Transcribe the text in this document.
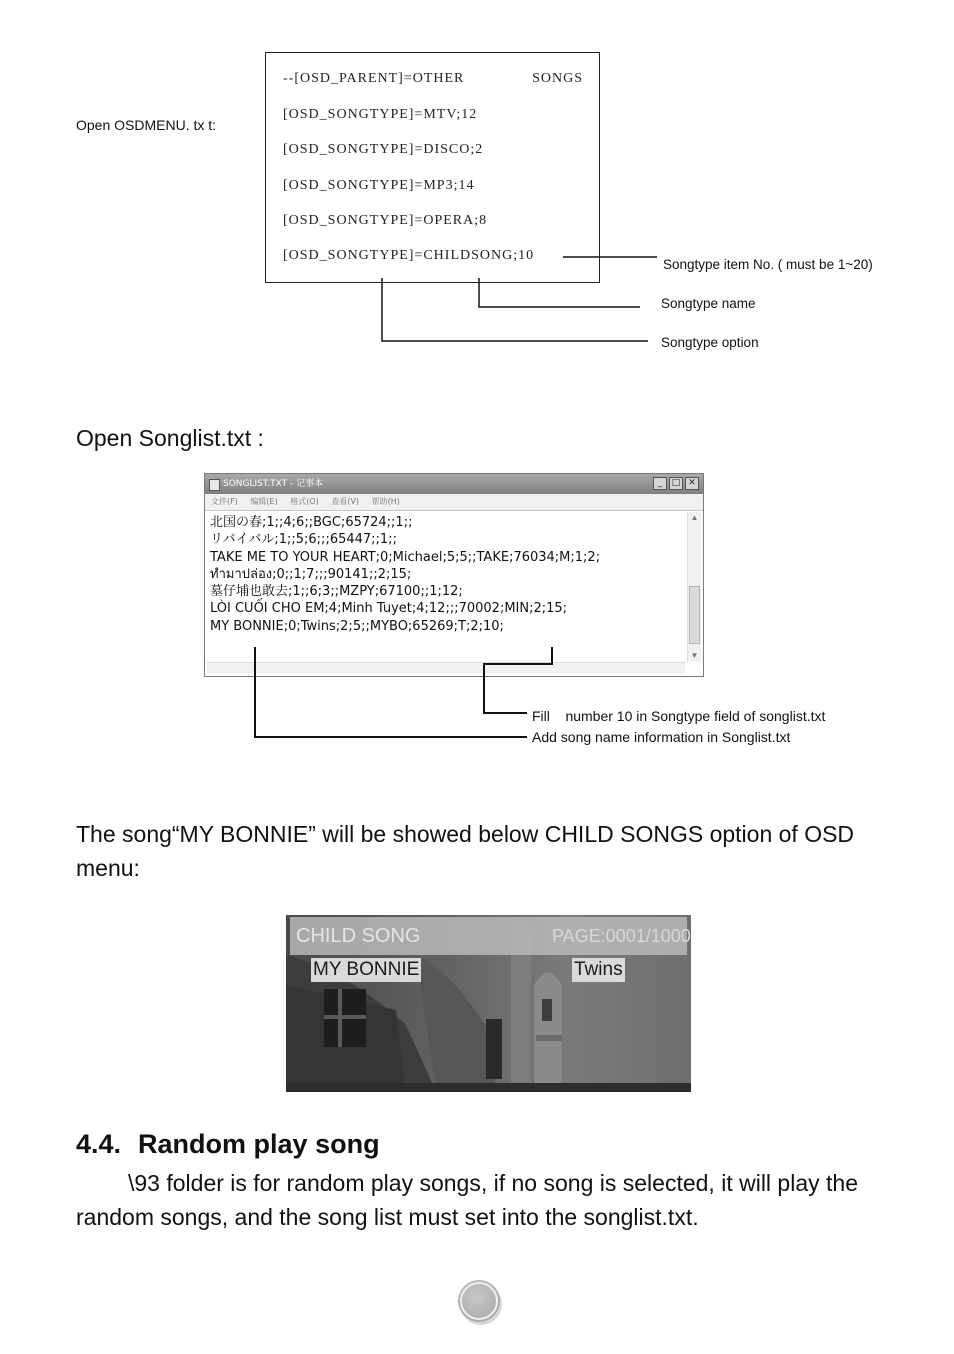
Open OSDMENU. tx t:
--[OSD_PARENT]=OTHER	SONGS
[OSD_SONGTYPE]=MTV;12
[OSD_SONGTYPE]=DISCO;2
[OSD_SONGTYPE]=MP3;14
[OSD_SONGTYPE]=OPERA;8
[OSD_SONGTYPE]=CHILDSONG;10
Songtype item No. ( must be 1~20)
Songtype name
Songtype option
Open Songlist.txt :
SONGLIST.TXT - 记事本	_	□ ✕
文件(F) 编辑(E) 格式(O) 查看(V) 帮助(H)
北国の春;1;;4;6;;BGC;65724;;1;;
リバイバル;1;;5;6;;;65447;;1;;
TAKE ME TO YOUR HEART;0;Michael;5;5;;TAKE;76034;M;1;2;
ทำมาปล่อง;0;;1;7;;;90141;;2;15;
墓仔埔也敢去;1;;6;3;;MZPY;67100;;1;12;
LÒI CUỐI CHO EM;4;Minh Tuyet;4;12;;;70002;MIN;2;15;
MY BONNIE;0;Twins;2;5;;MYBO;65269;T;2;10;
▲
▼
Fill    number 10 in Songtype field of songlist.txt
Add song name information in Songlist.txt
The song“MY BONNIE” will be showed below CHILD SONGS option of OSD menu:
CHILD SONG	PAGE:0001/1000
MY BONNIE	Twins
4.4. Random play song
\93 folder is for random play songs, if no song is selected, it will play the random songs, and the song list must set into the songlist.txt.
